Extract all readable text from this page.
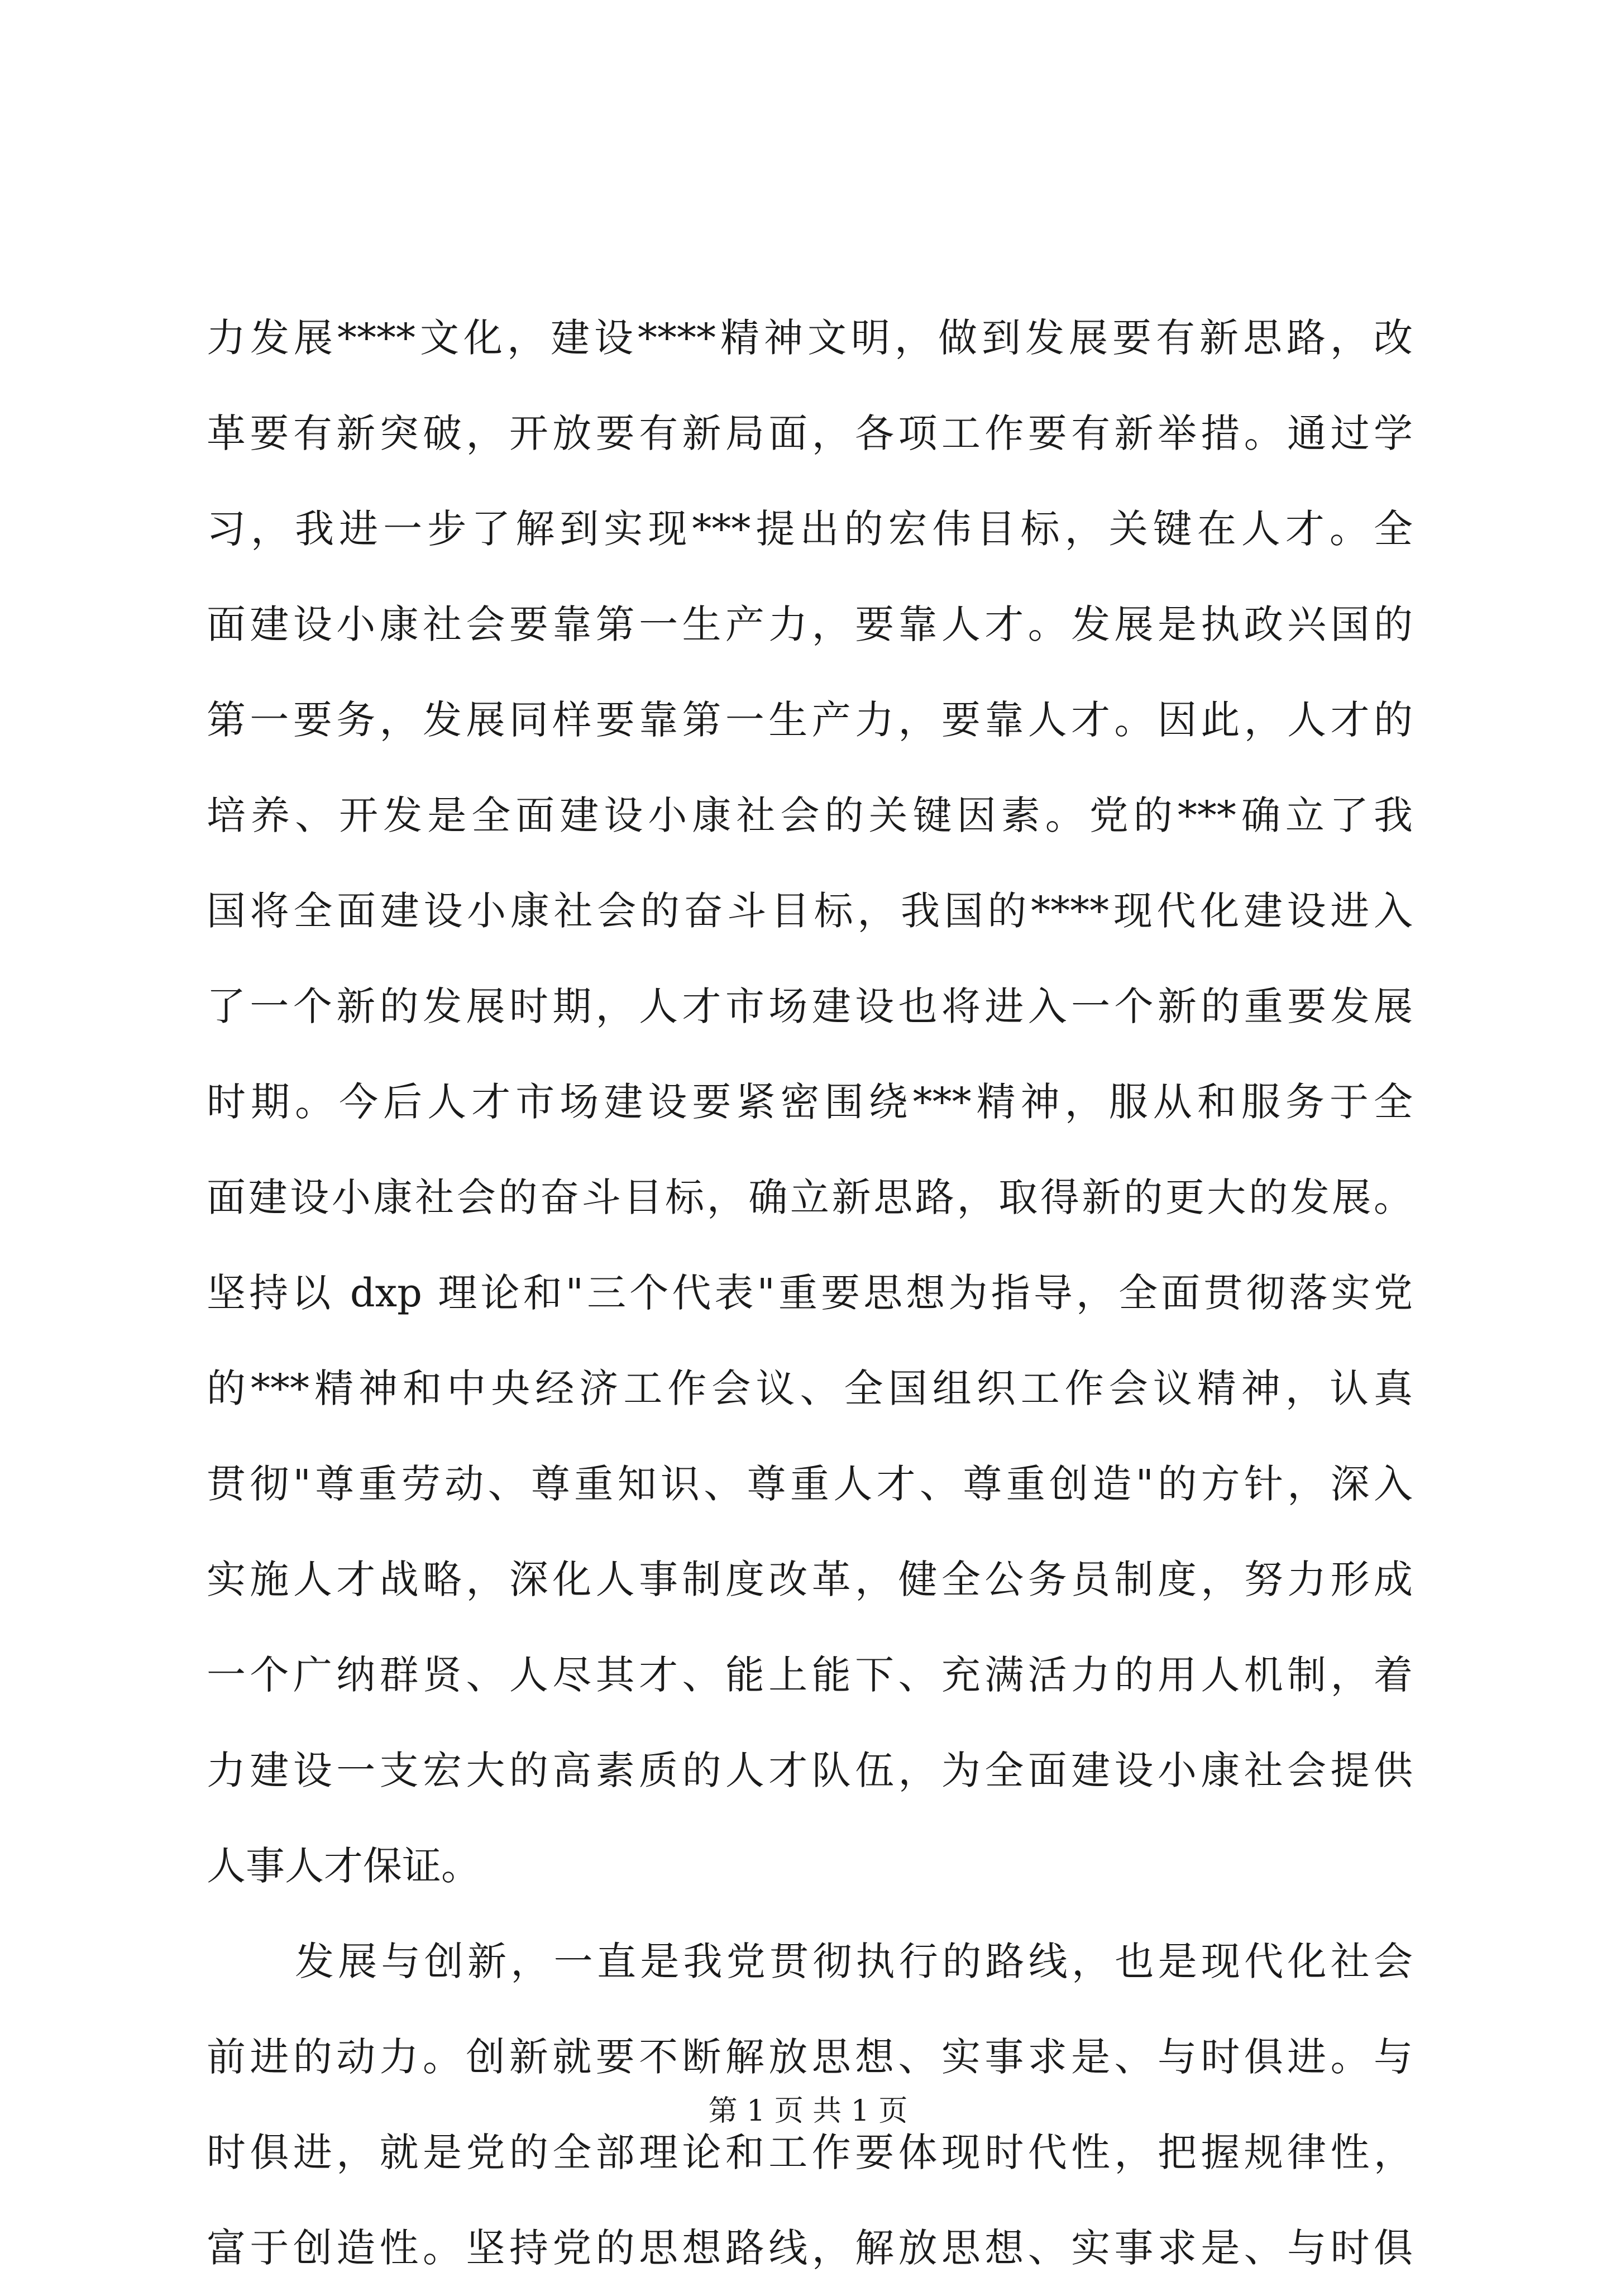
力发展****文化，建设****精神文明，做到发展要有新思路，改
革要有新突破，开放要有新局面，各项工作要有新举措。通过学
习，我进一步了解到实现***提出的宏伟目标，关键在人才。全
面建设小康社会要靠第一生产力，要靠人才。发展是执政兴国的
第一要务，发展同样要靠第一生产力，要靠人才。因此，人才的
培养、开发是全面建设小康社会的关键因素。党的***确立了我
国将全面建设小康社会的奋斗目标，我国的****现代化建设进入
了一个新的发展时期，人才市场建设也将进入一个新的重要发展
时期。今后人才市场建设要紧密围绕***精神，服从和服务于全
面建设小康社会的奋斗目标，确立新思路，取得新的更大的发展。
坚持以 dxp 理论和"三个代表"重要思想为指导，全面贯彻落实党
的***精神和中央经济工作会议、全国组织工作会议精神，认真
贯彻"尊重劳动、尊重知识、尊重人才、尊重创造"的方针，深入
实施人才战略，深化人事制度改革，健全公务员制度，努力形成
一个广纳群贤、人尽其才、能上能下、充满活力的用人机制，着
力建设一支宏大的高素质的人才队伍，为全面建设小康社会提供
人事人才保证。
发展与创新，一直是我党贯彻执行的路线，也是现代化社会
前进的动力。创新就要不断解放思想、实事求是、与时俱进。与
时俱进，就是党的全部理论和工作要体现时代性，把握规律性，
富于创造性。坚持党的思想路线，解放思想、实事求是、与时俱
第 1 页 共 1 页
